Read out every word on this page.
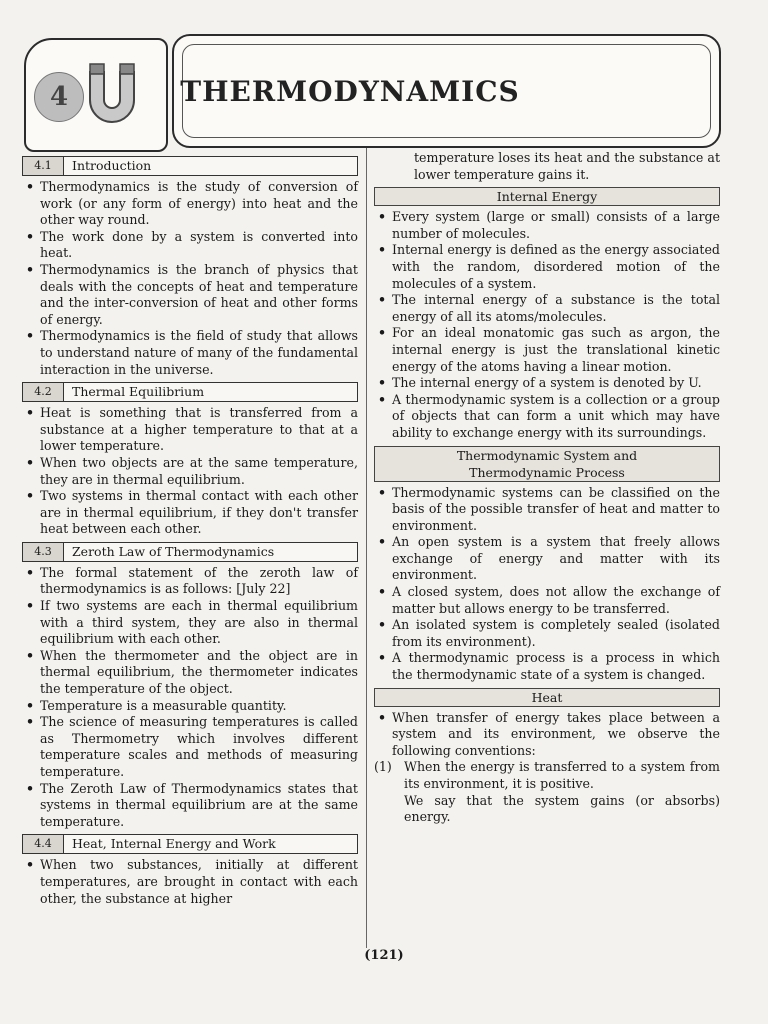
4	THERMODYNAMICS
4.1	Introduction
• Thermodynamics is the study of conversion of work (or any form of energy) into heat and the other way round.
• The work done by a system is converted into heat.
• Thermodynamics is the branch of physics that deals with the concepts of heat and temperature and the inter-conversion of heat and other forms of energy.
• Thermodynamics is the field of study that allows to understand nature of many of the fundamental interaction in the universe.
4.2	Thermal Equilibrium
• Heat is something that is transferred from a substance at a higher temperature to that at a lower temperature.
• When two objects are at the same temperature, they are in thermal equilibrium.
• Two systems in thermal contact with each other are in thermal equilibrium, if they don't transfer heat between each other.
4.3	Zeroth Law of Thermodynamics
• The formal statement of the zeroth law of thermodynamics is as follows: [July 22]
• If two systems are each in thermal equilibrium with a third system, they are also in thermal equilibrium with each other.
• When the thermometer and the object are in thermal equilibrium, the thermometer indicates the temperature of the object.
• Temperature is a measurable quantity.
• The science of measuring temperatures is called as Thermometry which involves different temperature scales and methods of measuring temperature.
• The Zeroth Law of Thermodynamics states that systems in thermal equilibrium are at the same temperature.
4.4	Heat, Internal Energy and Work
• When two substances, initially at different temperatures, are brought in contact with each other, the substance at higher
temperature loses its heat and the substance at lower temperature gains it.
Internal Energy
• Every system (large or small) consists of a large number of molecules.
• Internal energy is defined as the energy associated with the random, disordered motion of the molecules of a system.
• The internal energy of a substance is the total energy of all its atoms/molecules.
• For an ideal monatomic gas such as argon, the internal energy is just the translational kinetic energy of the atoms having a linear motion.
• The internal energy of a system is denoted by U.
• A thermodynamic system is a collection or a group of objects that can form a unit which may have ability to exchange energy with its surroundings.
Thermodynamic System and
Thermodynamic Process
• Thermodynamic systems can be classified on the basis of the possible transfer of heat and matter to environment.
• An open system is a system that freely allows exchange of energy and matter with its environment.
• A closed system, does not allow the exchange of matter but allows energy to be transferred.
• An isolated system is completely sealed (isolated from its environment).
• A thermodynamic process is a process in which the thermodynamic state of a system is changed.
Heat
• When transfer of energy takes place between a system and its environment, we observe the following conventions:
(1) When the energy is transferred to a system from its environment, it is positive.
We say that the system gains (or absorbs) energy.
(121)
